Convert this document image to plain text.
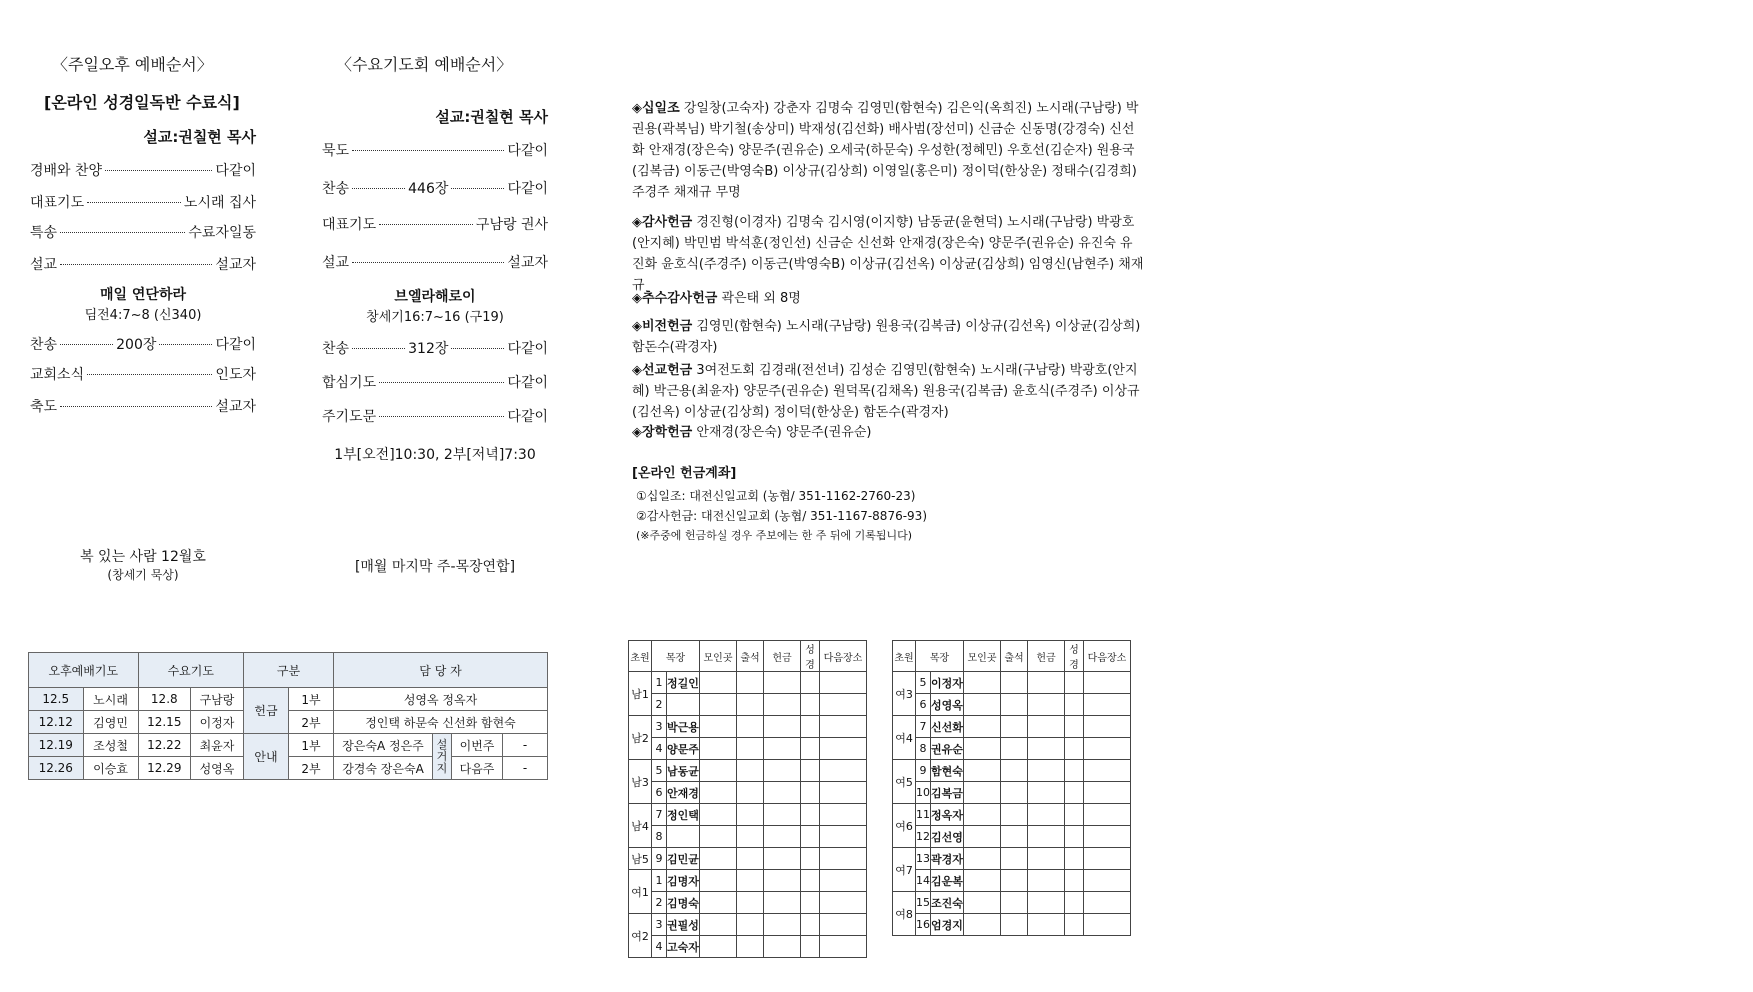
〈주일오후 예배순서〉
[온라인 성경일독반 수료식]
설교:권칠현 목사
경배와 찬양	다같이
대표기도	노시래 집사
특송	수료자일동
설교	설교자
매일 연단하라
딤전4:7~8 (신340)
찬송	200장	다같이
교회소식	인도자
축도	설교자
복 있는 사람 12월호
(창세기 묵상)
〈수요기도회 예배순서〉
설교:권칠현 목사
묵도	다같이
찬송	446장	다같이
대표기도	구남랑 권사
설교	설교자
브엘라해로이
창세기16:7~16 (구19)
찬송	312장	다같이
합심기도	다같이
주기도문	다같이
1부[오전]10:30, 2부[저녁]7:30
[매월 마지막 주-목장연합]
오후예배기도		수요기도		구분		담 당 자			
12.5	노시래	12.8	구남랑	헌금	1부	성영옥 정옥자			
12.12	김영민	12.15	이정자		2부	정인택 하문숙 신선화 함현숙			
12.19	조성철	12.22	최윤자	안내	1부	장은숙A 정은주	설거지	이번주	-
12.26	이승효	12.29	성영옥		2부	강경숙 장은숙A		다음주	-
◈십일조 강일창(고숙자) 강춘자 김명숙 김영민(함현숙) 김은익(옥희진) 노시래(구남랑) 박권용(곽복님) 박기철(송상미) 박재성(김선화) 배사범(장선미) 신금순 신동명(강경숙) 신선화 안재경(장은숙) 양문주(권유순) 오세국(하문숙) 우성한(정혜민) 우호선(김순자) 원용국(김복금) 이동근(박영숙B) 이상규(김상희) 이영일(홍은미) 정이덕(한상운) 정태수(김경희) 주경주 채재규 무명
◈감사헌금 경진형(이경자) 김명숙 김시영(이지향) 남동균(윤현덕) 노시래(구남랑) 박광호(안지혜) 박민범 박석훈(정인선) 신금순 신선화 안재경(장은숙) 양문주(권유순) 유진숙 유진화 윤호식(주경주) 이동근(박영숙B) 이상규(김선옥) 이상균(김상희) 임영신(남현주) 채재규
◈추수감사헌금 곽은태 외 8명
◈비전헌금 김영민(함현숙) 노시래(구남랑) 원용국(김복금) 이상규(김선옥) 이상균(김상희) 함돈수(곽경자)
◈선교헌금 3여전도회 김경래(전선녀) 김성순 김영민(함현숙) 노시래(구남랑) 박광호(안지혜) 박근용(최윤자) 양문주(권유순) 원덕목(김채옥) 원용국(김복금) 윤호식(주경주) 이상규(김선옥) 이상균(김상희) 정이덕(한상운) 함돈수(곽경자)
◈장학헌금 안재경(장은숙) 양문주(권유순)
[온라인 헌금계좌]
①십일조: 대전신일교회 (농협/ 351-1162-2760-23)
②감사헌금: 대전신일교회 (농협/ 351-1167-8876-93)
(※주중에 헌금하실 경우 주보에는 한 주 뒤에 기록됩니다)
초원	목장		모인곳	출석	헌금	성경	다음장소
남1	1	정길인					
	2						
남2	3	박근용					
	4	양문주					
남3	5	남동균					
	6	안재경					
남4	7	정인택					
	8						
남5	9	김민균					
여1	1	김명자					
	2	김명숙					
여2	3	권필성					
	4	고숙자					
초원	목장		모인곳	출석	헌금	성경	다음장소
여3	5	이정자					
	6	성영옥					
여4	7	신선화					
	8	권유순					
여5	9	함현숙					
	10	김복금					
여6	11	정옥자					
	12	김선영					
여7	13	곽경자					
	14	김운복					
여8	15	조진숙					
	16	엄경지					
